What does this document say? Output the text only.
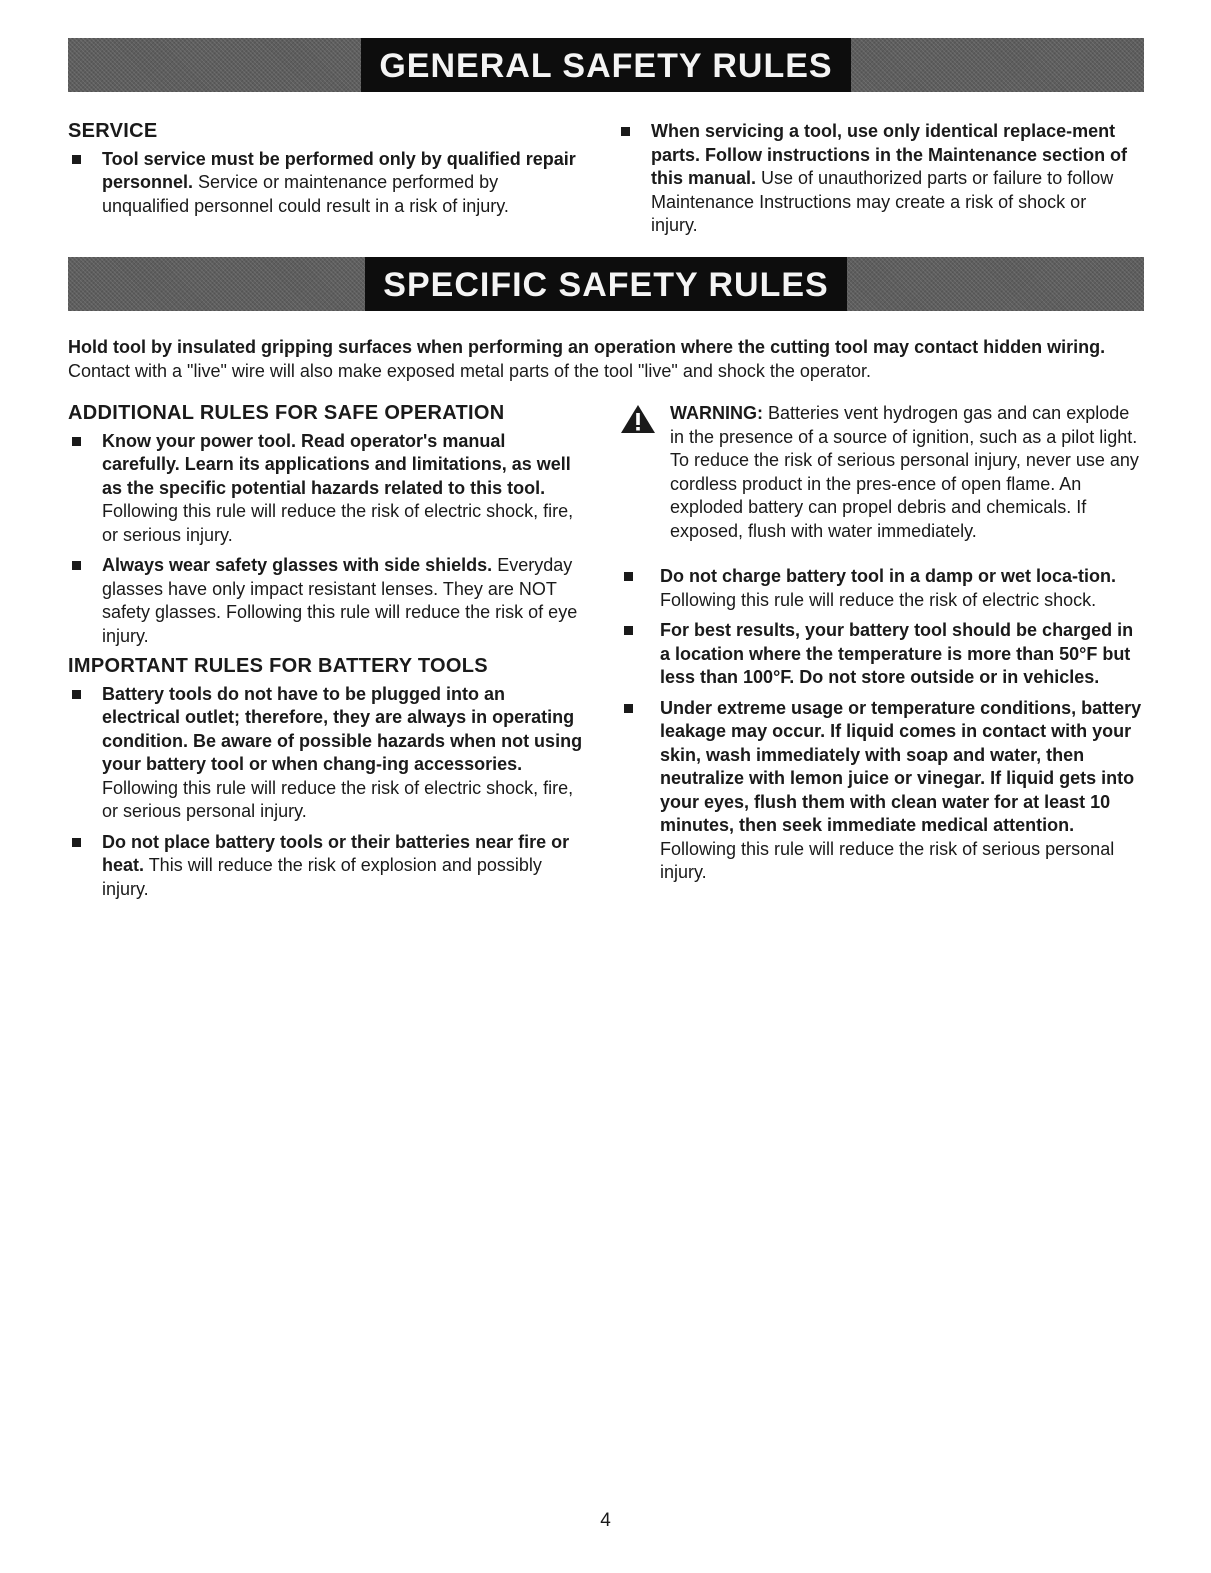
GENERAL SAFETY RULES
SERVICE
Tool service must be performed only by qualified repair personnel. Service or maintenance performed by unqualified personnel could result in a risk of injury.
When servicing a tool, use only identical replace-ment parts. Follow instructions in the Maintenance section of this manual. Use of unauthorized parts or failure to follow Maintenance Instructions may create a risk of shock or injury.
SPECIFIC SAFETY RULES
Hold tool by insulated gripping surfaces when performing an operation where the cutting tool may contact hidden wiring. Contact with a "live" wire will also make exposed metal parts of the tool "live" and shock the operator.
ADDITIONAL RULES FOR SAFE OPERATION
Know your power tool. Read operator's manual carefully. Learn its applications and limitations, as well as the specific potential hazards related to this tool. Following this rule will reduce the risk of electric shock, fire, or serious injury.
Always wear safety glasses with side shields. Everyday glasses have only impact resistant lenses. They are NOT safety glasses. Following this rule will reduce the risk of eye injury.
IMPORTANT RULES FOR BATTERY TOOLS
Battery tools do not have to be plugged into an electrical outlet; therefore, they are always in operating condition. Be aware of possible hazards when not using your battery tool or when chang-ing accessories. Following this rule will reduce the risk of electric shock, fire, or serious personal injury.
Do not place battery tools or their batteries near fire or heat. This will reduce the risk of explosion and possibly injury.
WARNING: Batteries vent hydrogen gas and can explode in the presence of a source of ignition, such as a pilot light. To reduce the risk of serious personal injury, never use any cordless product in the pres-ence of open flame. An exploded battery can propel debris and chemicals. If exposed, flush with water immediately.
Do not charge battery tool in a damp or wet loca-tion. Following this rule will reduce the risk of electric shock.
For best results, your battery tool should be charged in a location where the temperature is more than 50°F but less than 100°F. Do not store outside or in vehicles.
Under extreme usage or temperature conditions, battery leakage may occur. If liquid comes in contact with your skin, wash immediately with soap and water, then neutralize with lemon juice or vinegar. If liquid gets into your eyes, flush them with clean water for at least 10 minutes, then seek immediate medical attention. Following this rule will reduce the risk of serious personal injury.
4
